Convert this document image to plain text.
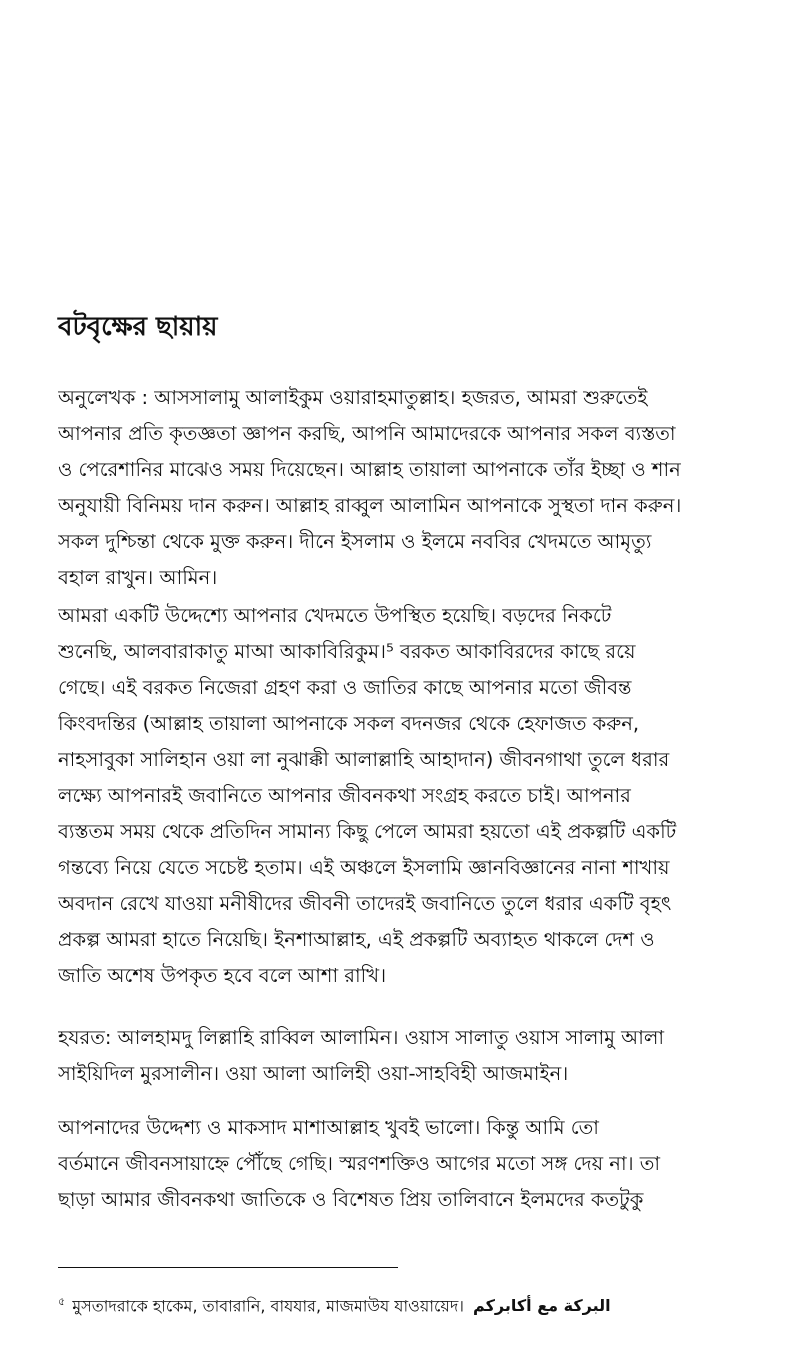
বটবৃক্ষের ছায়ায়
অনুলেখক : আসসালামু আলাইকুম ওয়ারাহমাতুল্লাহ। হজরত, আমরা শুরুতেই
আপনার প্রতি কৃতজ্ঞতা জ্ঞাপন করছি, আপনি আমাদেরকে আপনার সকল ব্যস্ততা
ও পেরেশানির মাঝেও সময় দিয়েছেন। আল্লাহ তায়ালা আপনাকে তাঁর ইচ্ছা ও শান
অনুযায়ী বিনিময় দান করুন। আল্লাহ রাব্বুল আলামিন আপনাকে সুস্থতা দান করুন।
সকল দুশ্চিন্তা থেকে মুক্ত করুন। দীনে ইসলাম ও ইলমে নববির খেদমতে আমৃত্যু
বহাল রাখুন। আমিন।
আমরা একটি উদ্দেশ্যে আপনার খেদমতে উপস্থিত হয়েছি। বড়দের নিকটে
শুনেছি, আলবারাকাতু মাআ আকাবিরিকুম।⁵ বরকত আকাবিরদের কাছে রয়ে
গেছে। এই বরকত নিজেরা গ্রহণ করা ও জাতির কাছে আপনার মতো জীবন্ত
কিংবদন্তির (আল্লাহ তায়ালা আপনাকে সকল বদনজর থেকে হেফাজত করুন,
নাহসাবুকা সালিহান ওয়া লা নুঝাক্কী আলাল্লাহি আহাদান) জীবনগাথা তুলে ধরার
লক্ষ্যে আপনারই জবানিতে আপনার জীবনকথা সংগ্রহ করতে চাই। আপনার
ব্যস্ততম সময় থেকে প্রতিদিন সামান্য কিছু পেলে আমরা হয়তো এই প্রকল্পটি একটি
গন্তব্যে নিয়ে যেতে সচেষ্ট হতাম। এই অঞ্চলে ইসলামি জ্ঞানবিজ্ঞানের নানা শাখায়
অবদান রেখে যাওয়া মনীষীদের জীবনী তাদেরই জবানিতে তুলে ধরার একটি বৃহৎ
প্রকল্প আমরা হাতে নিয়েছি। ইনশাআল্লাহ, এই প্রকল্পটি অব্যাহত থাকলে দেশ ও
জাতি অশেষ উপকৃত হবে বলে আশা রাখি।
হযরত: আলহামদু লিল্লাহি রাব্বিল আলামিন। ওয়াস সালাতু ওয়াস সালামু আলা
সাইয়িদিল মুরসালীন। ওয়া আলা আলিহী ওয়া-সাহবিহী আজমাইন।
আপনাদের উদ্দেশ্য ও মাকসাদ মাশাআল্লাহ খুবই ভালো। কিন্তু আমি তো
বর্তমানে জীবনসায়াহ্নে পৌঁছে গেছি। স্মরণশক্তিও আগের মতো সঙ্গ দেয় না। তা
ছাড়া আমার জীবনকথা জাতিকে ও বিশেষত প্রিয় তালিবানে ইলমদের কতটুকু
$^৫$ মুসতাদরাকে হাকেম, তাবারানি, বাযযার, মাজমাউয যাওয়ায়েদ। البركة مع أكابركم
